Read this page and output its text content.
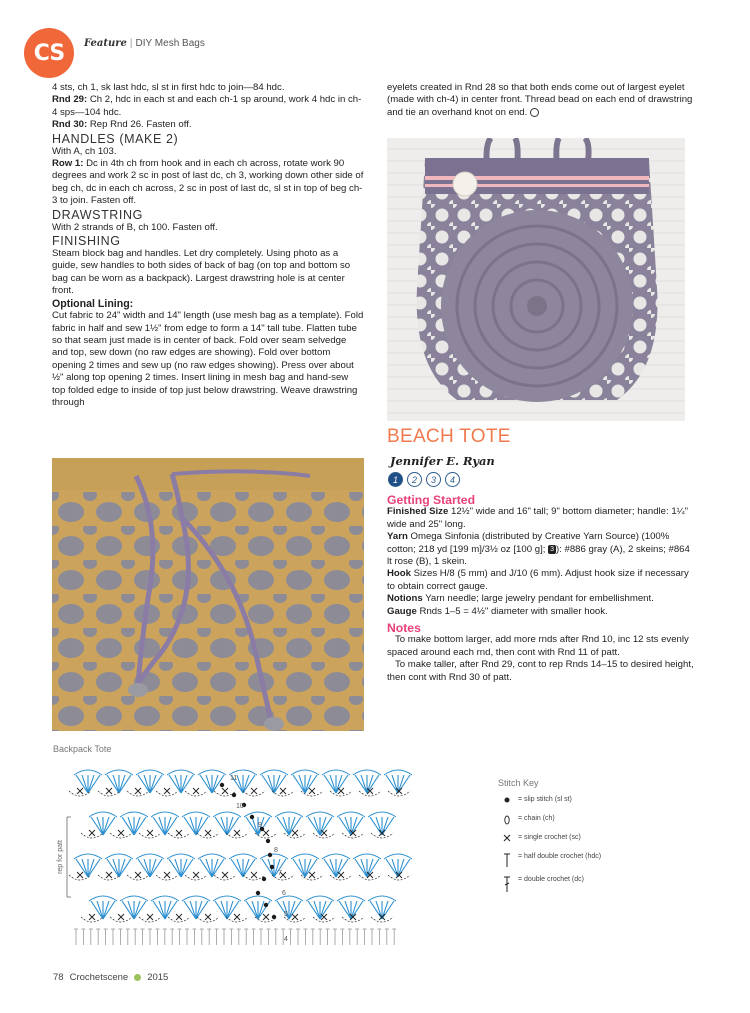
CS Feature | DIY Mesh Bags

4 sts, ch 1, sk last hdc, sl st in first hdc to join—84 hdc.

Rnd 29: Ch 2, hdc in each st and each ch-1 sp around, work 4 hdc in ch-4 sps—104 hdc.

Rnd 30: Rep Rnd 26. Fasten off.

HANDLES (MAKE 2)

With A, ch 103.

Row 1: Dc in 4th ch from hook and in each ch across, rotate work 90 degrees and work 2 sc in post of last dc, ch 3, working down other side of beg ch, dc in each ch across, 2 sc in post of last dc, sl st in top of beg ch-3 to join. Fasten off.

DRAWSTRING

With 2 strands of B, ch 100. Fasten off.

FINISHING

Steam block bag and handles. Let dry completely. Using photo as a guide, sew handles to both sides of back of bag (on top and bottom so bag can be worn as a backpack). Largest drawstring hole is at center front.

Optional Lining:

Cut fabric to 24" width and 14" length (use mesh bag as a template). Fold fabric in half and sew 1½" from edge to form a 14" tall tube. Flatten tube so that seam just made is in center of back. Fold over seam selvedge and top, sew down (no raw edges are showing). Fold over bottom opening 2 times and sew up (no raw edges showing). Press over about ½" along top opening 2 times. Insert lining in mesh bag and hand-sew top folded edge to inside of top just below drawstring. Weave drawstring through

eyelets created in Rnd 28 so that both ends come out of largest eyelet (made with ch-4) in center front. Thread bead on each end of drawstring and tie an overhand knot on end.
BEACH TOTE
Jennifer E. Ryan
1	2	3	4

Getting Started

Finished Size 12½" wide and 16" tall; 9" bottom diameter; handle: 1¼" wide and 25" long.

Yarn Omega Sinfonia (distributed by Creative Yarn Source) (100% cotton; 218 yd [199 m]/3½ oz [100 g]; 3 ): #886 gray (A), 2 skeins; #864 lt rose (B), 1 skein.

Hook Sizes H/8 (5 mm) and J/10 (6 mm). Adjust hook size if necessary to obtain correct gauge.

Notions Yarn needle; large jewelry pendant for embellishment.

Gauge Rnds 1–5 = 4½" diameter with smaller hook.

Notes

To make bottom larger, add more rnds after Rnd 10, inc 12 sts evenly spaced around each rnd, then cont with Rnd 11 of patt.

To make taller, after Rnd 29, cont to rep Rnds 14–15 to desired height, then cont with Rnd 30 of patt.

Backpack Tote
rep for patt
11
10
9
8
7
6
5
4
Stitch Key
= slip stitch (sl st)
= chain (ch)
= single crochet (sc)
= half double crochet (hdc)
= double crochet (dc)
78 Crochetscene 2015
